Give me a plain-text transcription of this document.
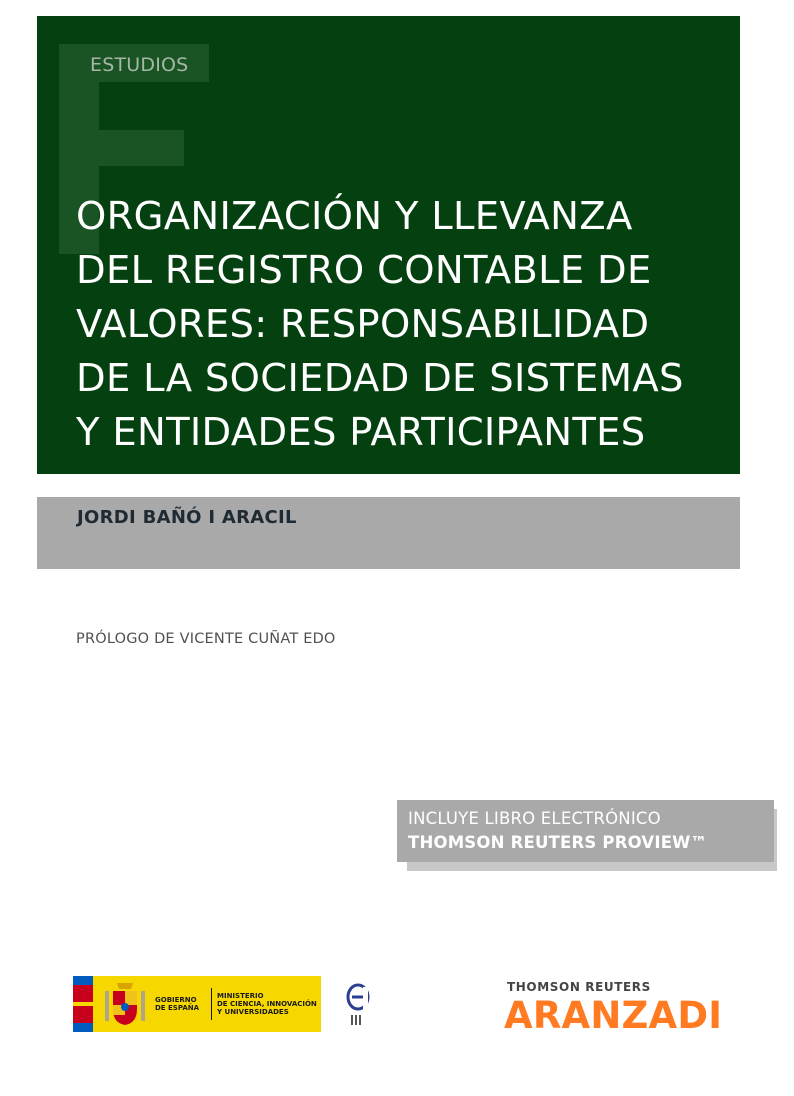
ESTUDIOS
ORGANIZACIÓN Y LLEVANZA
DEL REGISTRO CONTABLE DE
VALORES: RESPONSABILIDAD
DE LA SOCIEDAD DE SISTEMAS
Y ENTIDADES PARTICIPANTES
JORDI BAÑÓ I ARACIL
PRÓLOGO DE VICENTE CUÑAT EDO
INCLUYE LIBRO ELECTRÓNICO
THOMSON REUTERS PROVIEW™
GOBIERNO
DE ESPAÑA
MINISTERIO
DE CIENCIA, INNOVACIÓN
Y UNIVERSIDADES
THOMSON REUTERS
ARANZADI
